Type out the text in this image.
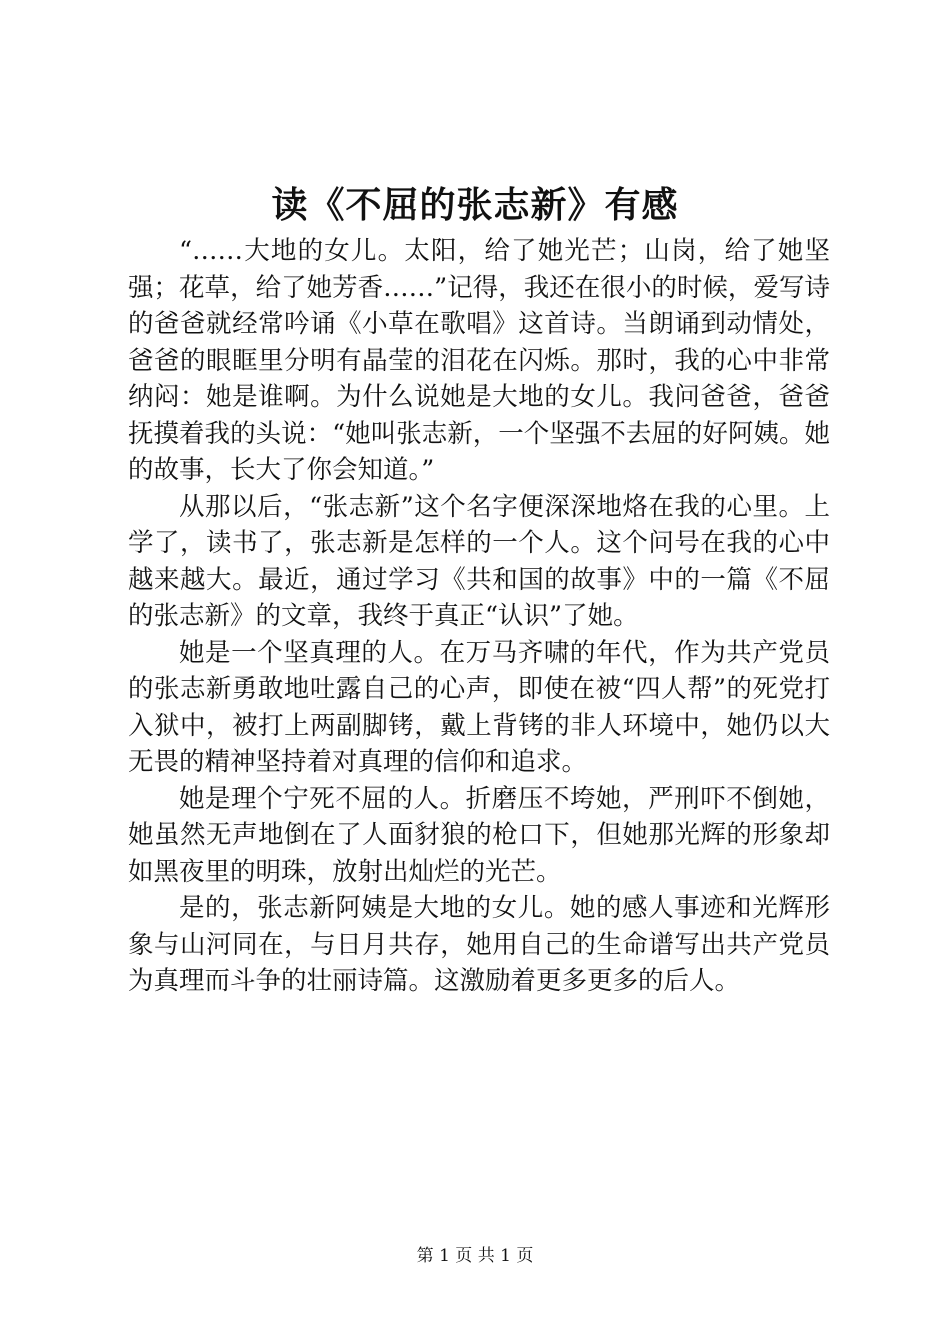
读《不屈的张志新》有感

“……大地的女儿。太阳，给了她光芒；山岗，给了她坚强；花草，给了她芳香……”记得，我还在很小的时候，爱写诗的爸爸就经常吟诵《小草在歌唱》这首诗。当朗诵到动情处，爸爸的眼眶里分明有晶莹的泪花在闪烁。那时，我的心中非常纳闷：她是谁啊。为什么说她是大地的女儿。我问爸爸，爸爸抚摸着我的头说：“她叫张志新，一个坚强不去屈的好阿姨。她的故事，长大了你会知道。”

从那以后，“张志新”这个名字便深深地烙在我的心里。上学了，读书了，张志新是怎样的一个人。这个问号在我的心中越来越大。最近，通过学习《共和国的故事》中的一篇《不屈的张志新》的文章，我终于真正“认识”了她。

她是一个坚真理的人。在万马齐啸的年代，作为共产党员的张志新勇敢地吐露自己的心声，即使在被“四人帮”的死党打入狱中，被打上两副脚铐，戴上背铐的非人环境中，她仍以大无畏的精神坚持着对真理的信仰和追求。

她是理个宁死不屈的人。折磨压不垮她，严刑吓不倒她，她虽然无声地倒在了人面豺狼的枪口下，但她那光辉的形象却如黑夜里的明珠，放射出灿烂的光芒。

是的，张志新阿姨是大地的女儿。她的感人事迹和光辉形象与山河同在，与日月共存，她用自己的生命谱写出共产党员为真理而斗争的壮丽诗篇。这激励着更多更多的后人。

第 1 页 共 1 页
